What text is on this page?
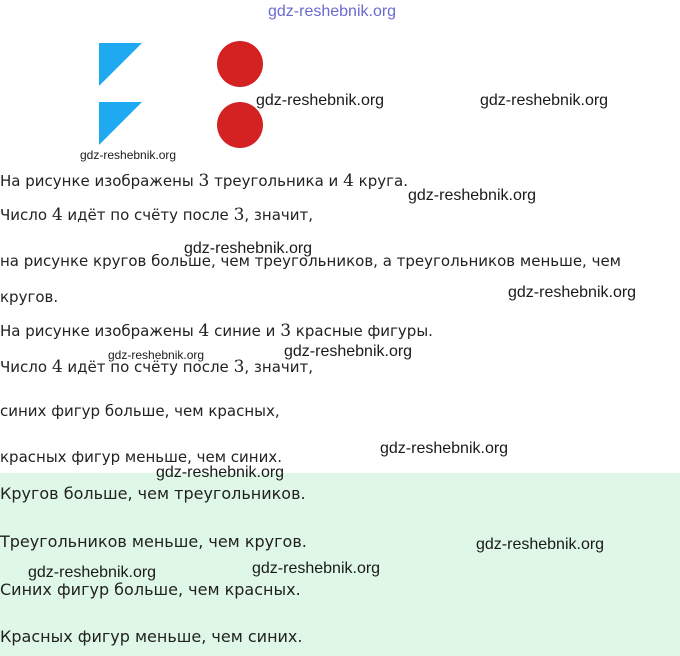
gdz-reshebnik.org
gdz-reshebnik.org	gdz-reshebnik.org
gdz-reshebnik.org
gdz-reshebnik.org
gdz-reshebnik.org
gdz-reshebnik.org
gdz-reshebnik.org	gdz-reshebnik.org
gdz-reshebnik.org
gdz-reshebnik.org
gdz-reshebnik.org
gdz-reshebnik.org	gdz-reshebnik.org
На рисунке изображены 3 треугольника и 4 круга.
Число 4 идёт по счёту после 3, значит,
на рисунке кругов больше, чем треугольников, а треугольников меньше, чем
кругов.
На рисунке изображены 4 синие и 3 красные фигуры.
Число 4 идёт по счёту после 3, значит,
синих фигур больше, чем красных,
красных фигур меньше, чем синих.
Кругов больше, чем треугольников.
Треугольников меньше, чем кругов.
Синих фигур больше, чем красных.
Красных фигур меньше, чем синих.
